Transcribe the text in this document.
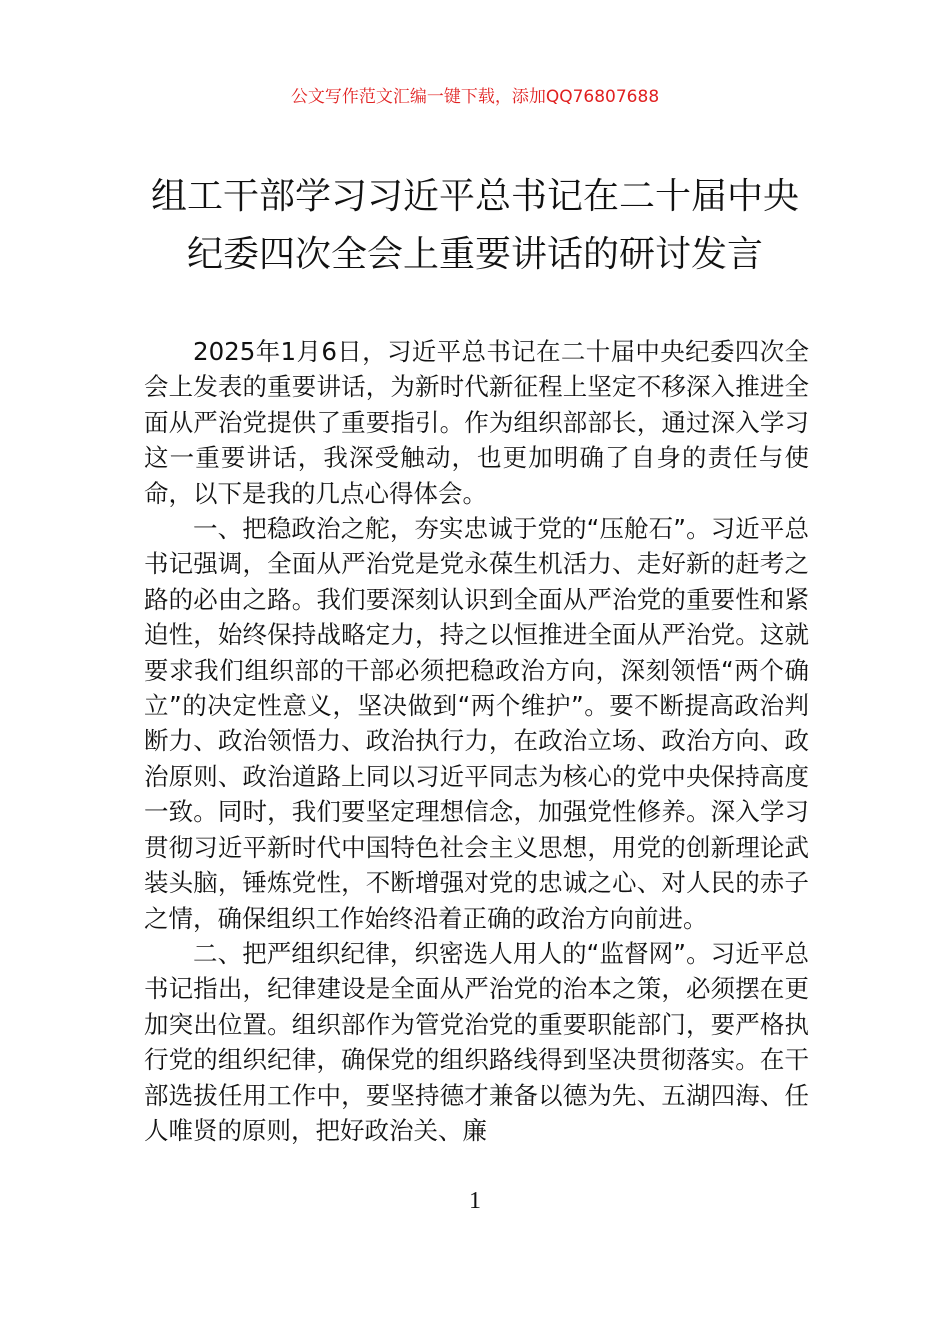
公文写作范文汇编一键下载，添加QQ76807688
组工干部学习习近平总书记在二十届中央
纪委四次全会上重要讲话的研讨发言

2025年1月6日，习近平总书记在二十届中央纪委四次全会上发表的重要讲话，为新时代新征程上坚定不移深入推进全面从严治党提供了重要指引。作为组织部部长，通过深入学习这一重要讲话，我深受触动，也更加明确了自身的责任与使命，以下是我的几点心得体会。

一、把稳政治之舵，夯实忠诚于党的“压舱石”。习近平总书记强调，全面从严治党是党永葆生机活力、走好新的赶考之路的必由之路。我们要深刻认识到全面从严治党的重要性和紧迫性，始终保持战略定力，持之以恒推进全面从严治党。这就要求我们组织部的干部必须把稳政治方向，深刻领悟“两个确立”的决定性意义，坚决做到“两个维护”。要不断提高政治判断力、政治领悟力、政治执行力，在政治立场、政治方向、政治原则、政治道路上同以习近平同志为核心的党中央保持高度一致。同时，我们要坚定理想信念，加强党性修养。深入学习贯彻习近平新时代中国特色社会主义思想，用党的创新理论武装头脑，锤炼党性，不断增强对党的忠诚之心、对人民的赤子之情，确保组织工作始终沿着正确的政治方向前进。

二、把严组织纪律，织密选人用人的“监督网”。习近平总书记指出，纪律建设是全面从严治党的治本之策，必须摆在更加突出位置。组织部作为管党治党的重要职能部门，要严格执行党的组织纪律，确保党的组织路线得到坚决贯彻落实。在干部选拔任用工作中，要坚持德才兼备以德为先、五湖四海、任人唯贤的原则，把好政治关、廉

1
